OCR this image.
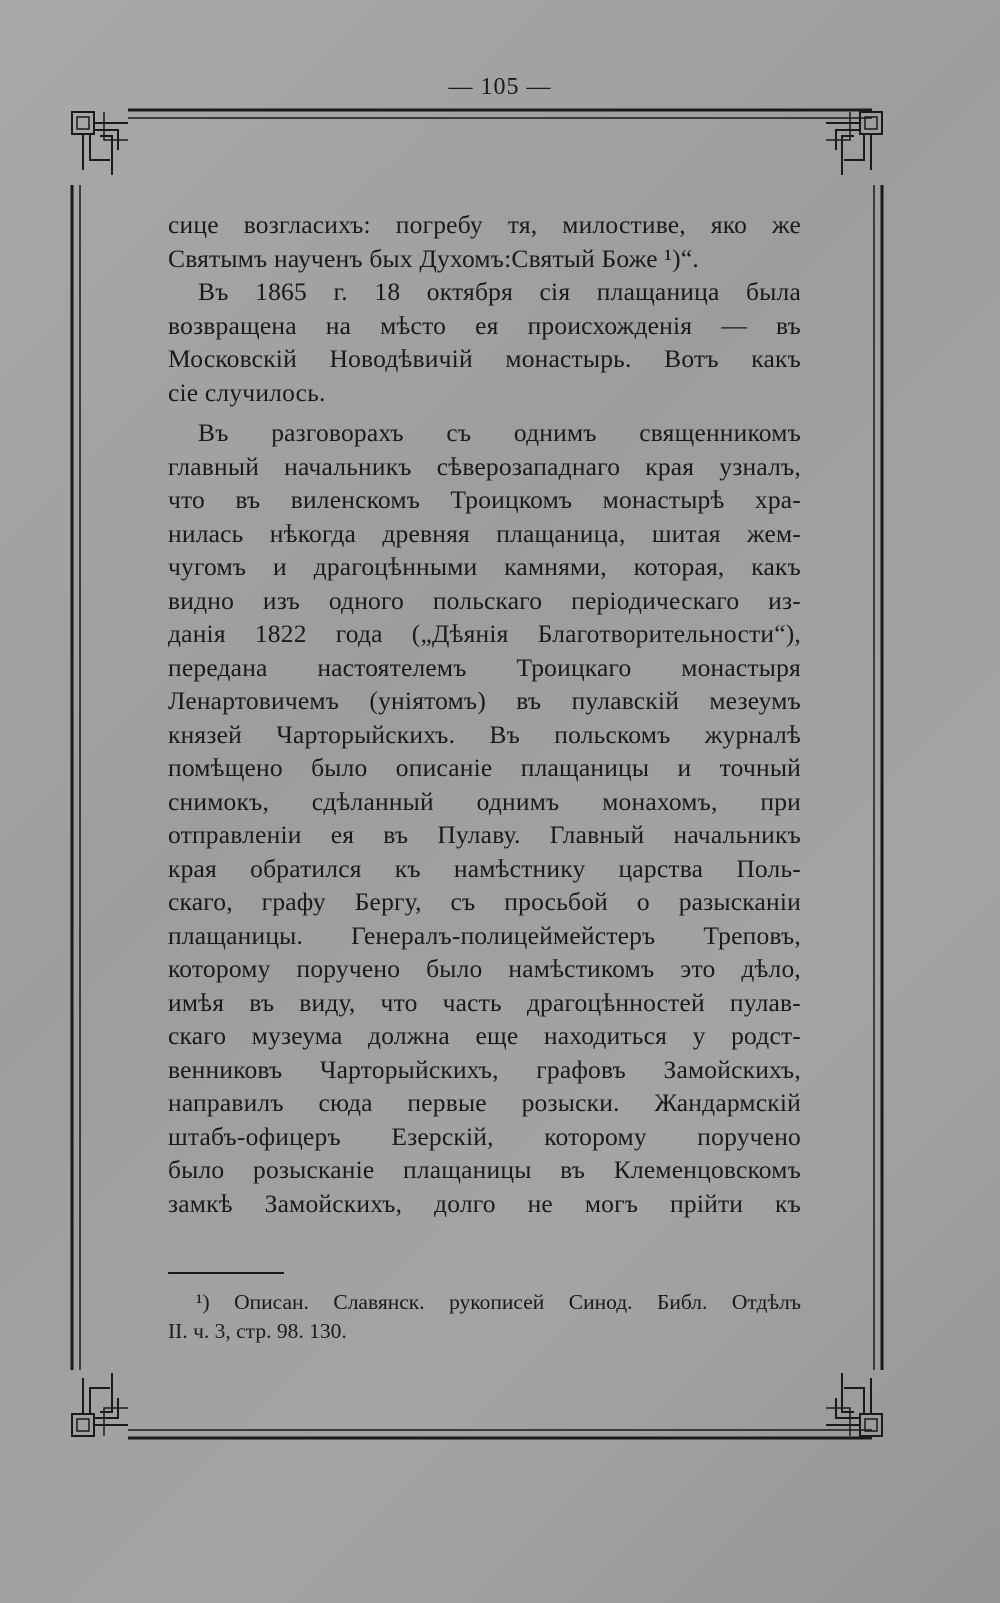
— 105 —
сице возгласихъ: погребу тя, милостиве, яко же
Святымъ наученъ бых Духомъ:Святый Боже ¹)“.
Въ 1865 г. 18 октября сія плащаница была
возвращена на мѣсто ея происхожденія — въ
Московскій Новодѣвичій монастырь. Вотъ какъ
сіе случилось.
Въ разговорахъ съ однимъ священникомъ
главный начальникъ сѣверозападнаго края узналъ,
что въ виленскомъ Троицкомъ монастырѣ хра-
нилась нѣкогда древняя плащаница, шитая жем-
чугомъ и драгоцѣнными камнями, которая, какъ
видно изъ одного польскаго періодическаго из-
данія 1822 года („Дѣянія Благотворительности“),
передана настоятелемъ Троицкаго монастыря
Ленартовичемъ (уніятомъ) въ пулавскій мезеумъ
князей Чарторыйскихъ. Въ польскомъ журналѣ
помѣщено было описаніе плащаницы и точный
снимокъ, сдѣланный однимъ монахомъ, при
отправленіи ея въ Пулаву. Главный начальникъ
края обратился къ намѣстнику царства Поль-
скаго, графу Бергу, съ просьбой о разысканіи
плащаницы. Генералъ-полицеймейстеръ Треповъ,
которому поручено было намѣстикомъ это дѣло,
имѣя въ виду, что часть драгоцѣнностей пулав-
скаго музеума должна еще находиться у родст-
венниковъ Чарторыйскихъ, графовъ Замойскихъ,
направилъ сюда первые розыски. Жандармскій
штабъ-офицеръ Езерскій, которому поручено
было розысканіе плащаницы въ Клеменцовскомъ
замкѣ Замойскихъ, долго не могъ прійти къ
¹) Описан. Славянск. рукописей Синод. Библ. Отдѣлъ
II. ч. 3, стр. 98. 130.
